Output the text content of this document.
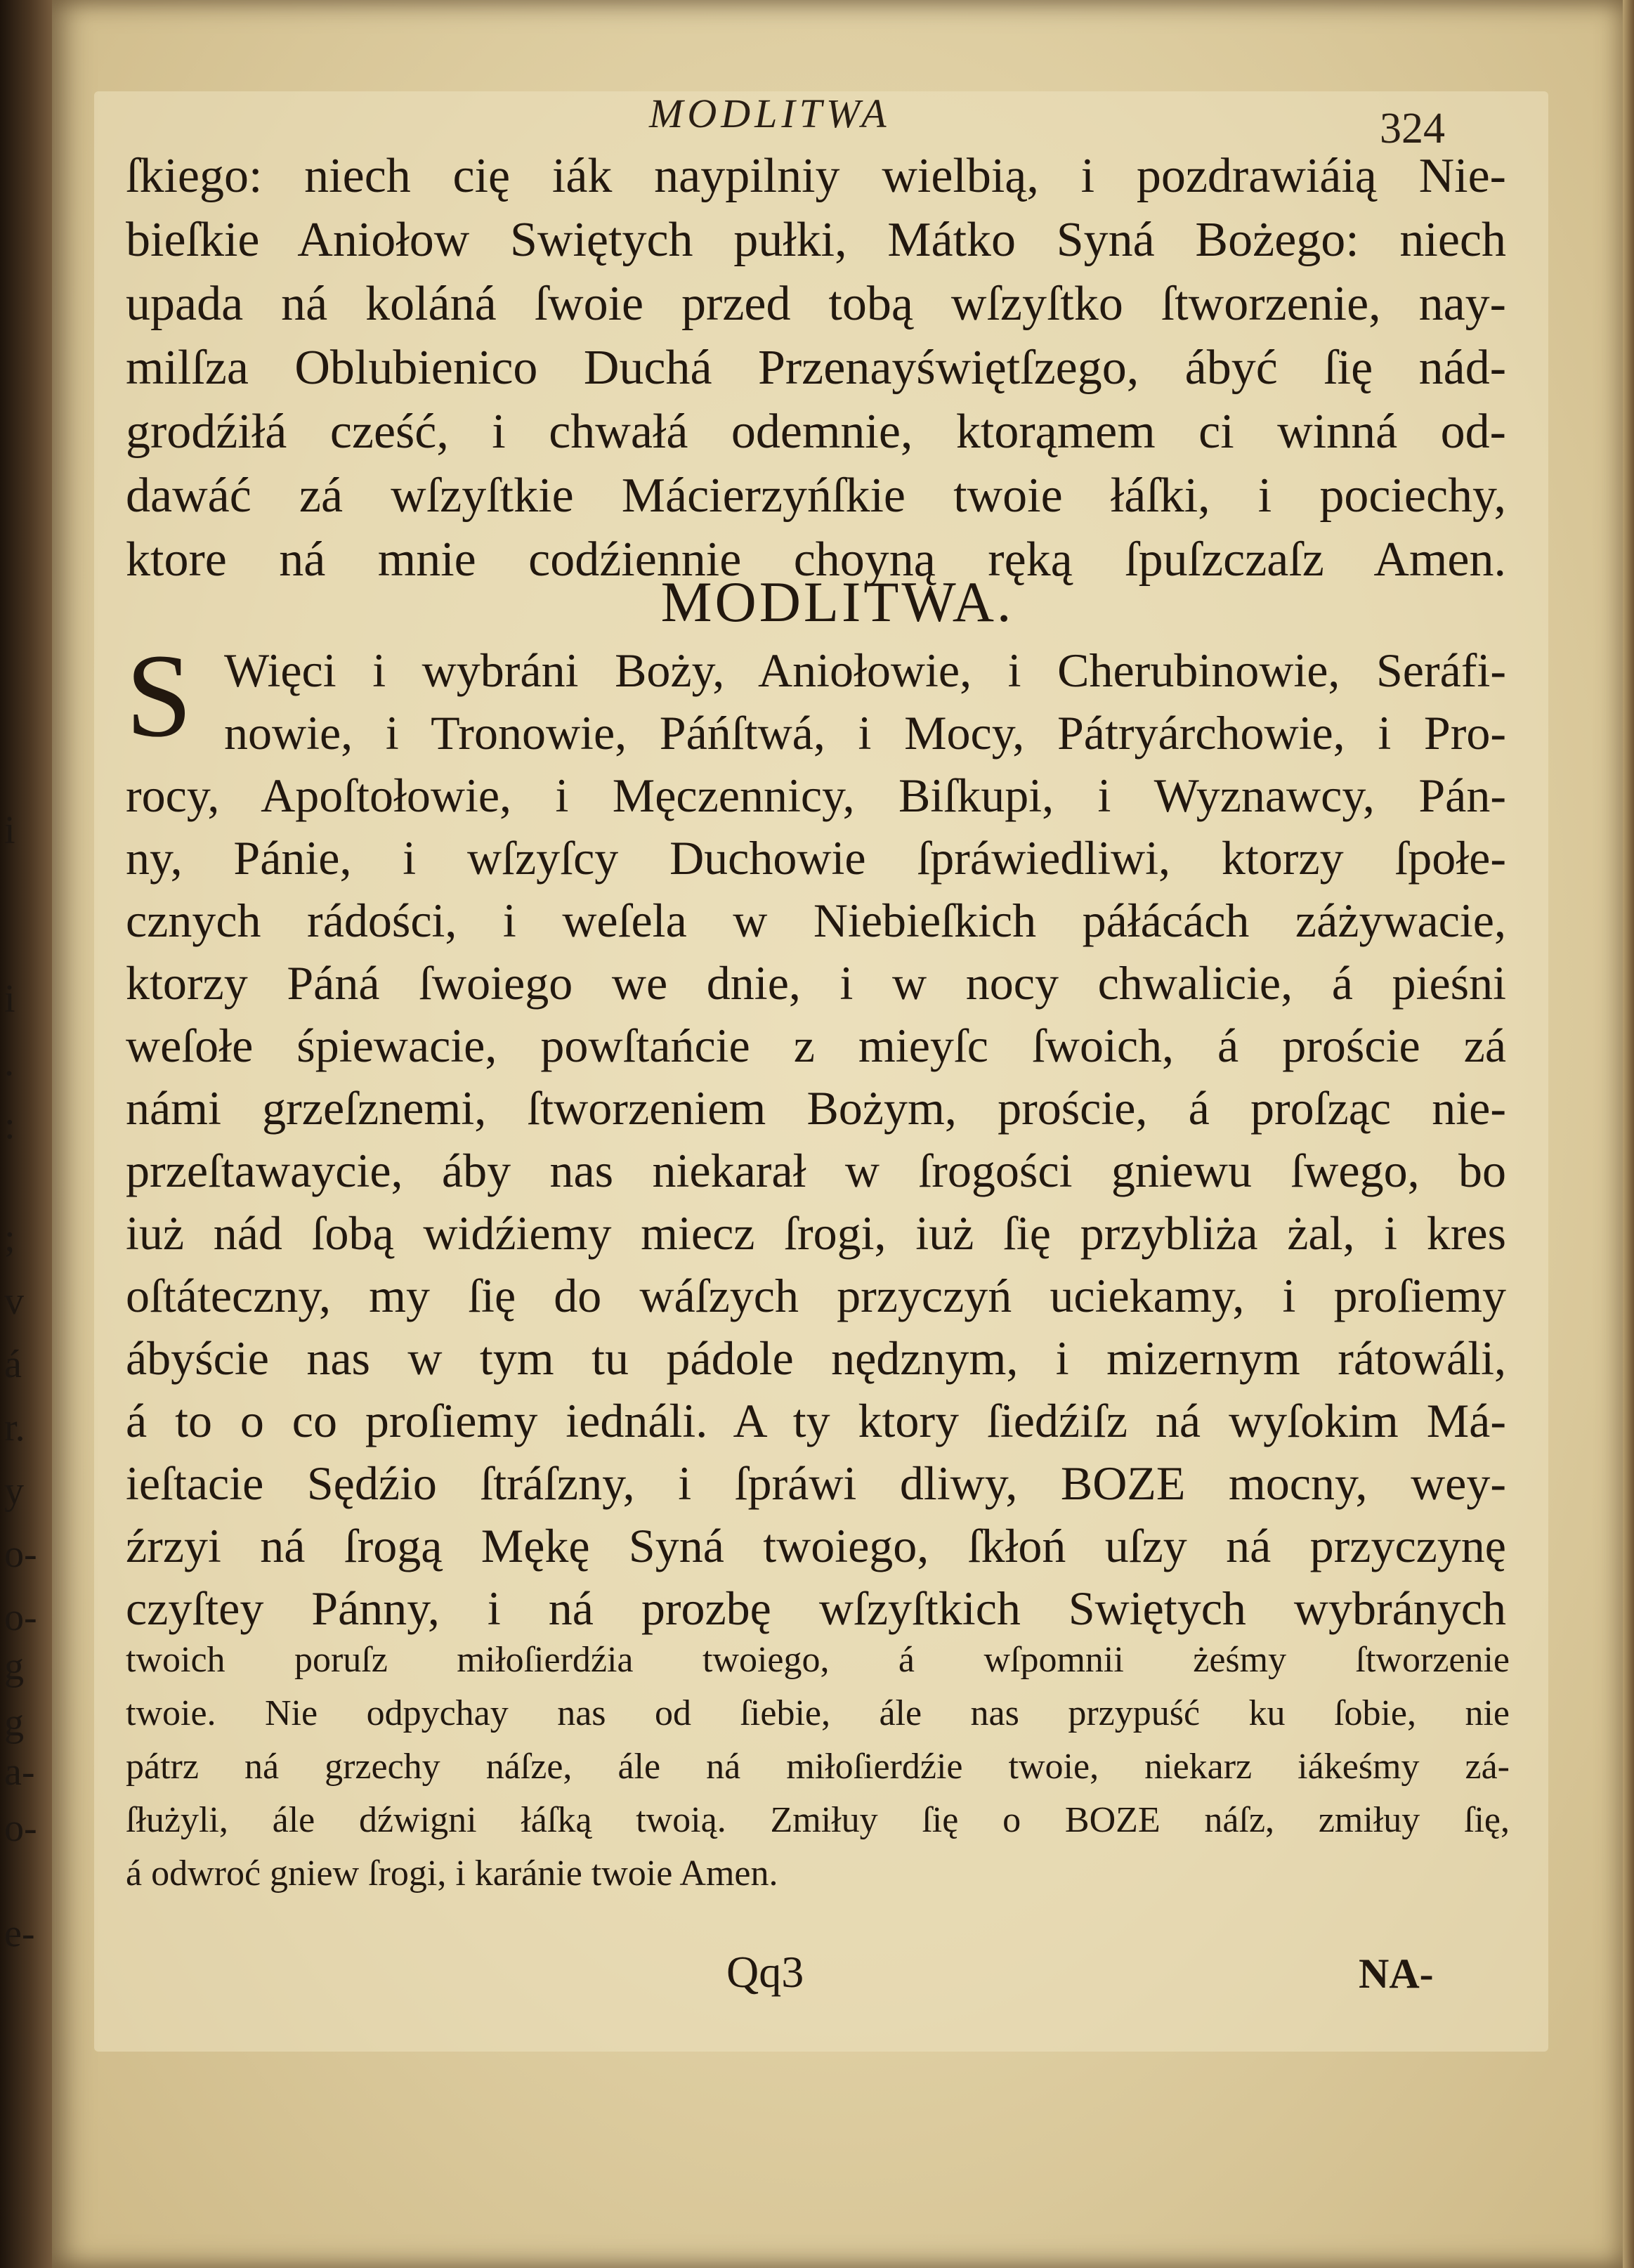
i
i
.
:
;
v
á
r.
y
o-
o-
g
g
a-
o-
e-
MODLITWA	324
ſkiego: niech cię iák naypilniy wielbią, i pozdrawiáią Nie-
bieſkie Aniołow Swiętych pułki, Mátko Syná Bożego: niech
upada ná koláná ſwoie przed tobą wſzyſtko ſtworzenie, nay-
milſza Oblubienico Duchá Przenayświętſzego, ábyć ſię nád-
grodźiłá cześć, i chwałá odemnie, ktorąmem ci winná od-
dawáć zá wſzyſtkie Mácierzyńſkie twoie łáſki, i pociechy,
ktore ná mnie codźiennie choyną ręką ſpuſzczaſz Amen.
MODLITWA.
S Więci i wybráni Boży, Aniołowie, i Cherubinowie, Seráfi-
nowie, i Tronowie, Páńſtwá, i Mocy, Pátryárchowie, i Pro-
rocy, Apoſtołowie, i Męczennicy, Biſkupi, i Wyznawcy, Pán-
ny, Pánie, i wſzyſcy Duchowie ſpráwiedliwi, ktorzy ſpołe-
cznych rádości, i weſela w Niebieſkich páłácách záżywacie,
ktorzy Páná ſwoiego we dnie, i w nocy chwalicie, á pieśni
weſołe śpiewacie, powſtańcie z mieyſc ſwoich, á proście zá
námi grzeſznemi, ſtworzeniem Bożym, proście, á proſząc nie-
przeſtawaycie, áby nas niekarał w ſrogości gniewu ſwego, bo
iuż nád ſobą widźiemy miecz ſrogi, iuż ſię przybliża żal, i kres
oſtáteczny, my ſię do wáſzych przyczyń uciekamy, i proſiemy
ábyście nas w tym tu pádole nędznym, i mizernym rátowáli,
á to o co proſiemy iednáli. A ty ktory ſiedźiſz ná wyſokim Má-
ieſtacie Sędźio ſtráſzny, i ſpráwi dliwy, BOZE mocny, wey-
źrzyi ná ſrogą Mękę Syná twoiego, ſkłoń uſzy ná przyczynę
czyſtey Pánny, i ná prozbę wſzyſtkich Swiętych wybránych
twoich poruſz miłoſierdźia twoiego, á wſpomnii żeśmy ſtworzenie
twoie. Nie odpychay nas od ſiebie, ále nas przypuść ku ſobie, nie
pátrz ná grzechy náſze, ále ná miłoſierdźie twoie, niekarz iákeśmy zá-
ſłużyli, ále dźwigni łáſką twoią. Zmiłuy ſię o BOZE náſz, zmiłuy ſię,
á odwroć gniew ſrogi, i karánie twoie Amen.
Qq3	NA-
